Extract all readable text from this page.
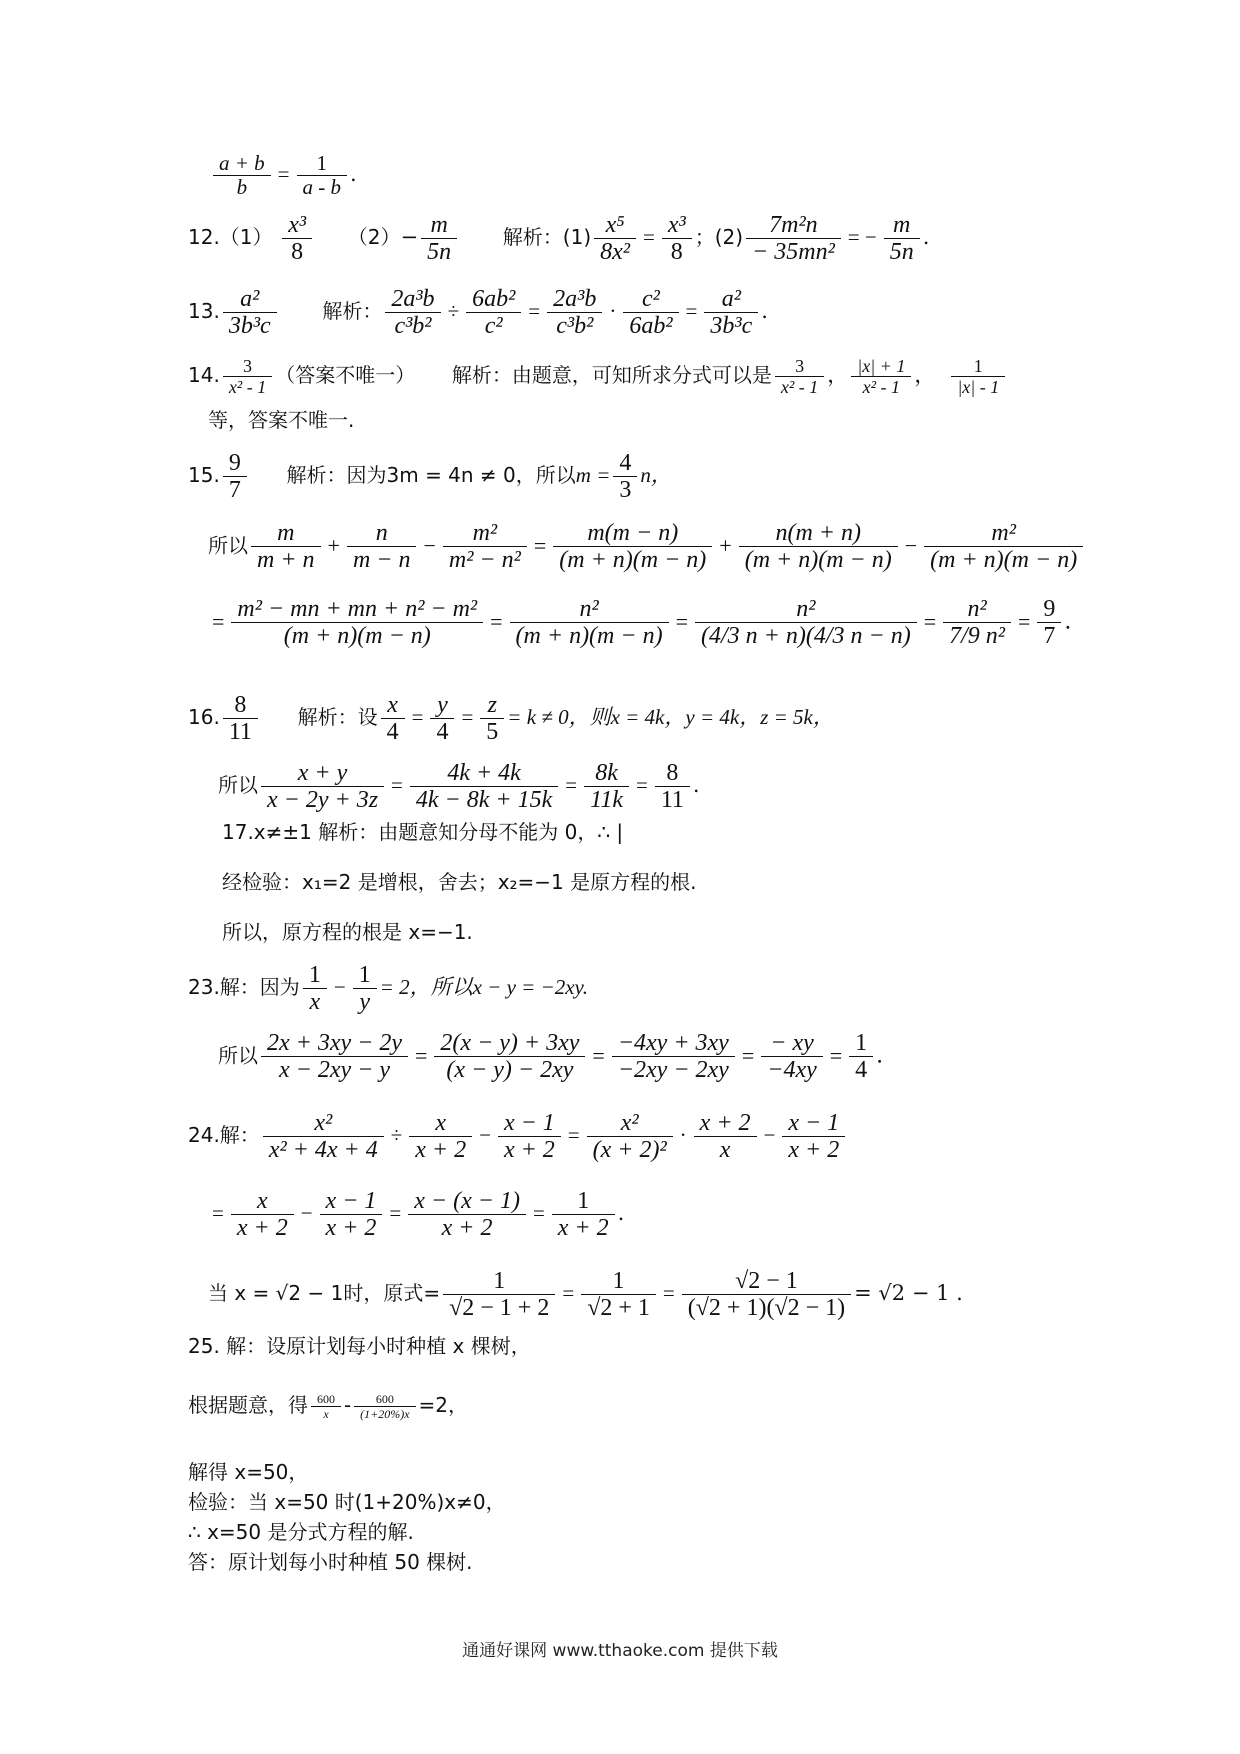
$\frac{a + b}{b} = \frac{1}{a - b}$ .
$12.(1) \frac{\text{x³}}{8} (2)- \frac{m}{5n}$ 解析：$(1) \frac{\text{x⁵}}{\text{8x²}} = \frac{\text{x³}}{8}$ ；$(2) \frac{\text{7m²n}}{\text{− 35mn²}}$ = − $\frac{m}{5n}$ .
13. $\frac{\text{a²}}{\text{3b³c}}$ 解析： $\frac{\text{2a³b}}{\text{c³b²}} \div \frac{\text{6ab²}}{\text{c²}} = \frac{\text{2a³b}}{\text{c³b²}} \cdot \frac{\text{c²}}{\text{6ab²}} = \frac{\text{a²}}{\text{3b³c}}$ .
14. $\frac{3}{\text{x² - 1}}$ （答案不唯一） 解析：由题意，可知所求分式可以是 $\frac{3}{\text{x² - 1}}$ ， $\frac{|x| + 1}{\text{x² - 1}}$ ， $\frac{1}{|x| - 1}$
等，答案不唯一.
15. $\frac{9}{7}$ 解析：因为3m = 4n ≠ 0，所以$m = \frac{4}{3}$ n，
所以 $\frac{m}{m + n} + \frac{n}{m - n} - \frac{\text{m²}}{\text{m² − n²}} = \frac{m(m - n)}{(m + n)(m - n)} + \frac{n(m + n)}{(m + n)(m - n)} - \frac{\text{m²}}{(m + n)(m - n)}$
= $\frac{\text{m² − mn + mn + n² − m²}}{(m + n)(m - n)} = \frac{\text{n²}}{(m + n)(m - n)} = \frac{\text{n²}}{(4/3 n + n)(4/3 n - n)} = \frac{\text{n²}}{\text{7/9 n²}} = \frac{9}{7}$ .
16. $\frac{8}{11}$ 解析：设 $\frac{x}{4} = \frac{y}{4} = \frac{z}{5} = k \ne 0$，则x = 4k，y = 4k，z = 5k，
所以 $\frac{x + y}{x - 2y + 3z} = \frac{4k + 4k}{4k - 8k + 15k} = \frac{8k}{11k} = \frac{8}{11}$ .
17.x≠±1 解析：由题意知分母不能为 0，∴ |
经检验：x₁=2 是增根，舍去；x₂=−1 是原方程的根.
所以，原方程的根是 x=−1.
23.解：因为 $\frac{1}{x} - \frac{1}{y} = 2$，所以x − y = −2xy.
所以 $\frac{2x + 3xy - 2y}{x - 2xy - y} = \frac{2(x - y) + 3xy}{(x - y) - 2xy} = \frac{-4xy + 3xy}{-2xy - 2xy} = \frac{- xy}{-4xy} = \frac{1}{4}$ .
24.解： $\frac{\text{x²}}{\text{x² + 4x + 4}} \div \frac{x}{x + 2} - \frac{x - 1}{x + 2} = \frac{\text{x²}}{\text{(x + 2)²}} \cdot \frac{x + 2}{x} - \frac{x - 1}{x + 2}$
= $\frac{x}{x + 2} - \frac{x - 1}{x + 2} = \frac{x - (x - 1)}{x + 2} = \frac{1}{x + 2}$ .
当 x = √2 − 1时，原式= $\frac{1}{√2 - 1 + 2} = \frac{1}{√2 + 1} = \frac{√2 - 1}{(√2 + 1)(√2 - 1)} = √2 - 1$ .
25. 解：设原计划每小时种植 x 棵树，
根据题意，得 $\frac{600}{x} - \frac{600}{(1+20\%)x} =2$，
解得 x=50，
检验：当 x=50 时(1+20%)x≠0，
∴ x=50 是分式方程的解.
答：原计划每小时种植 50 棵树.
通通好课网 www.tthaoke.com 提供下载
